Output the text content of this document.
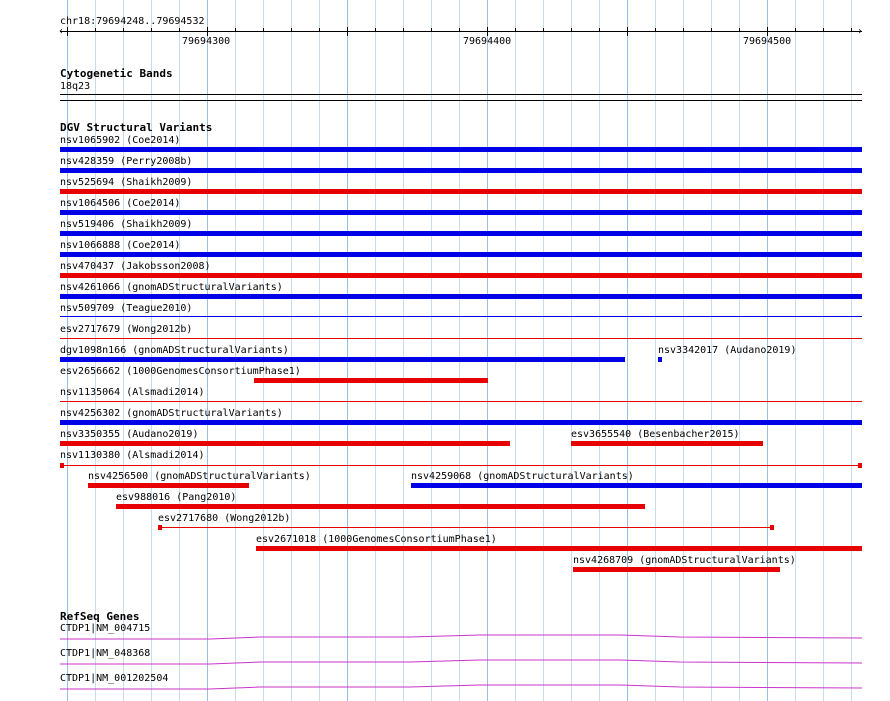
chr18:79694248..79694532
‹	›
79694300	79694400	79694500
Cytogenetic Bands
18q23
DGV Structural Variants
nsv1065902 (Coe2014)
nsv428359 (Perry2008b)
nsv525694 (Shaikh2009)
nsv1064506 (Coe2014)
nsv519406 (Shaikh2009)
nsv1066888 (Coe2014)
nsv470437 (Jakobsson2008)
nsv4261066 (gnomADStructuralVariants)
nsv509709 (Teague2010)
esv2717679 (Wong2012b)
dgv1098n166 (gnomADStructuralVariants)	nsv3342017 (Audano2019)
esv2656662 (1000GenomesConsortiumPhase1)
nsv1135064 (Alsmadi2014)
nsv4256302 (gnomADStructuralVariants)
nsv3350355 (Audano2019)	esv3655540 (Besenbacher2015)
nsv1130380 (Alsmadi2014)
nsv4256500 (gnomADStructuralVariants)	nsv4259068 (gnomADStructuralVariants)
esv988016 (Pang2010)
esv2717680 (Wong2012b)
esv2671018 (1000GenomesConsortiumPhase1)
nsv4268709 (gnomADStructuralVariants)
RefSeq Genes
CTDP1|NM_004715
CTDP1|NM_048368
CTDP1|NM_001202504
